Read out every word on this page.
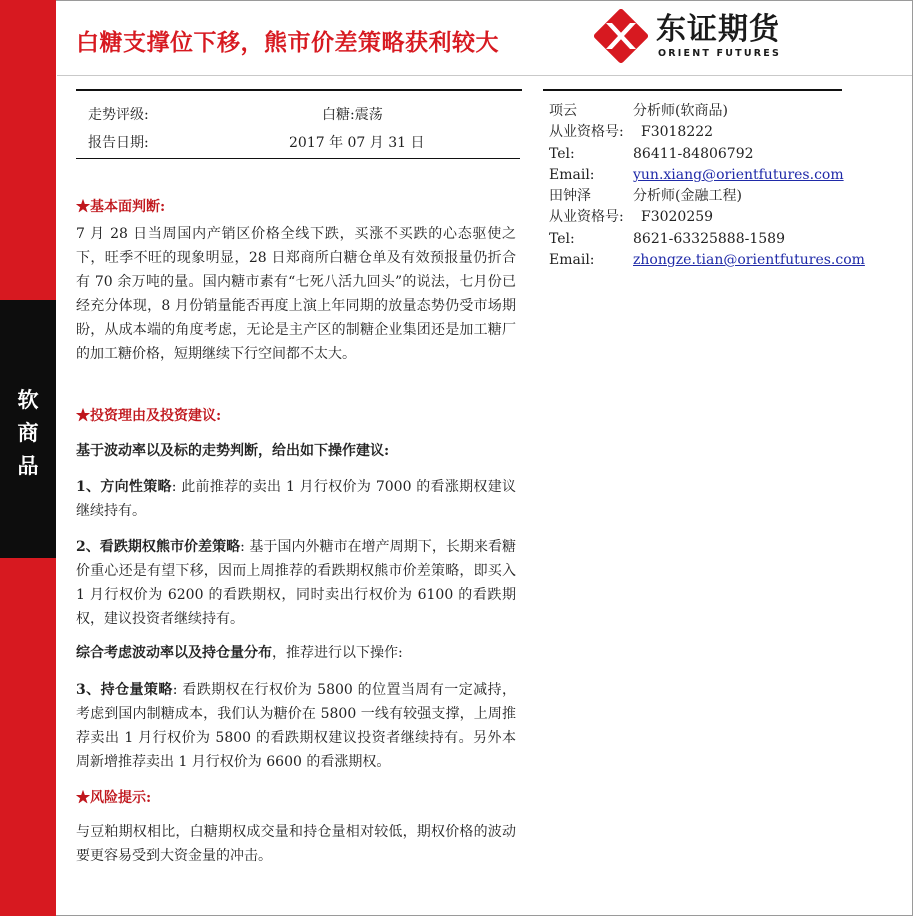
软
商
品
白糖支撑位下移，熊市价差策略获利较大	东证期货
ORIENT FUTURES
走势评级:	白糖:震荡
报告日期:	2017 年 07 月 31 日
项云	分析师(软商品)
从业资格号: F3018222
Tel:	86411-84806792
Email:	yun.xiang@orientfutures.com
田钟泽	分析师(金融工程)
从业资格号: F3020259
Tel:	8621-63325888-1589
Email:	zhongze.tian@orientfutures.com
★基本面判断:
7 月 28 日当周国内产销区价格全线下跌，买涨不买跌的心态驱使之下，旺季不旺的现象明显，28 日郑商所白糖仓单及有效预报量仍折合有 70 余万吨的量。国内糖市素有“七死八活九回头”的说法，七月份已经充分体现，8 月份销量能否再度上演上年同期的放量态势仍受市场期盼，从成本端的角度考虑，无论是主产区的制糖企业集团还是加工糖厂的加工糖价格，短期继续下行空间都不太大。
★投资理由及投资建议:
基于波动率以及标的走势判断，给出如下操作建议:
1、方向性策略: 此前推荐的卖出 1 月行权价为 7000 的看涨期权建议继续持有。
2、看跌期权熊市价差策略: 基于国内外糖市在增产周期下，长期来看糖价重心还是有望下移，因而上周推荐的看跌期权熊市价差策略，即买入 1 月行权价为 6200 的看跌期权，同时卖出行权价为 6100 的看跌期权，建议投资者继续持有。
综合考虑波动率以及持仓量分布，推荐进行以下操作:
3、持仓量策略: 看跌期权在行权价为 5800 的位置当周有一定减持，考虑到国内制糖成本，我们认为糖价在 5800 一线有较强支撑，上周推荐卖出 1 月行权价为 5800 的看跌期权建议投资者继续持有。另外本周新增推荐卖出 1 月行权价为 6600 的看涨期权。
★风险提示:
与豆粕期权相比，白糖期权成交量和持仓量相对较低，期权价格的波动要更容易受到大资金量的冲击。
